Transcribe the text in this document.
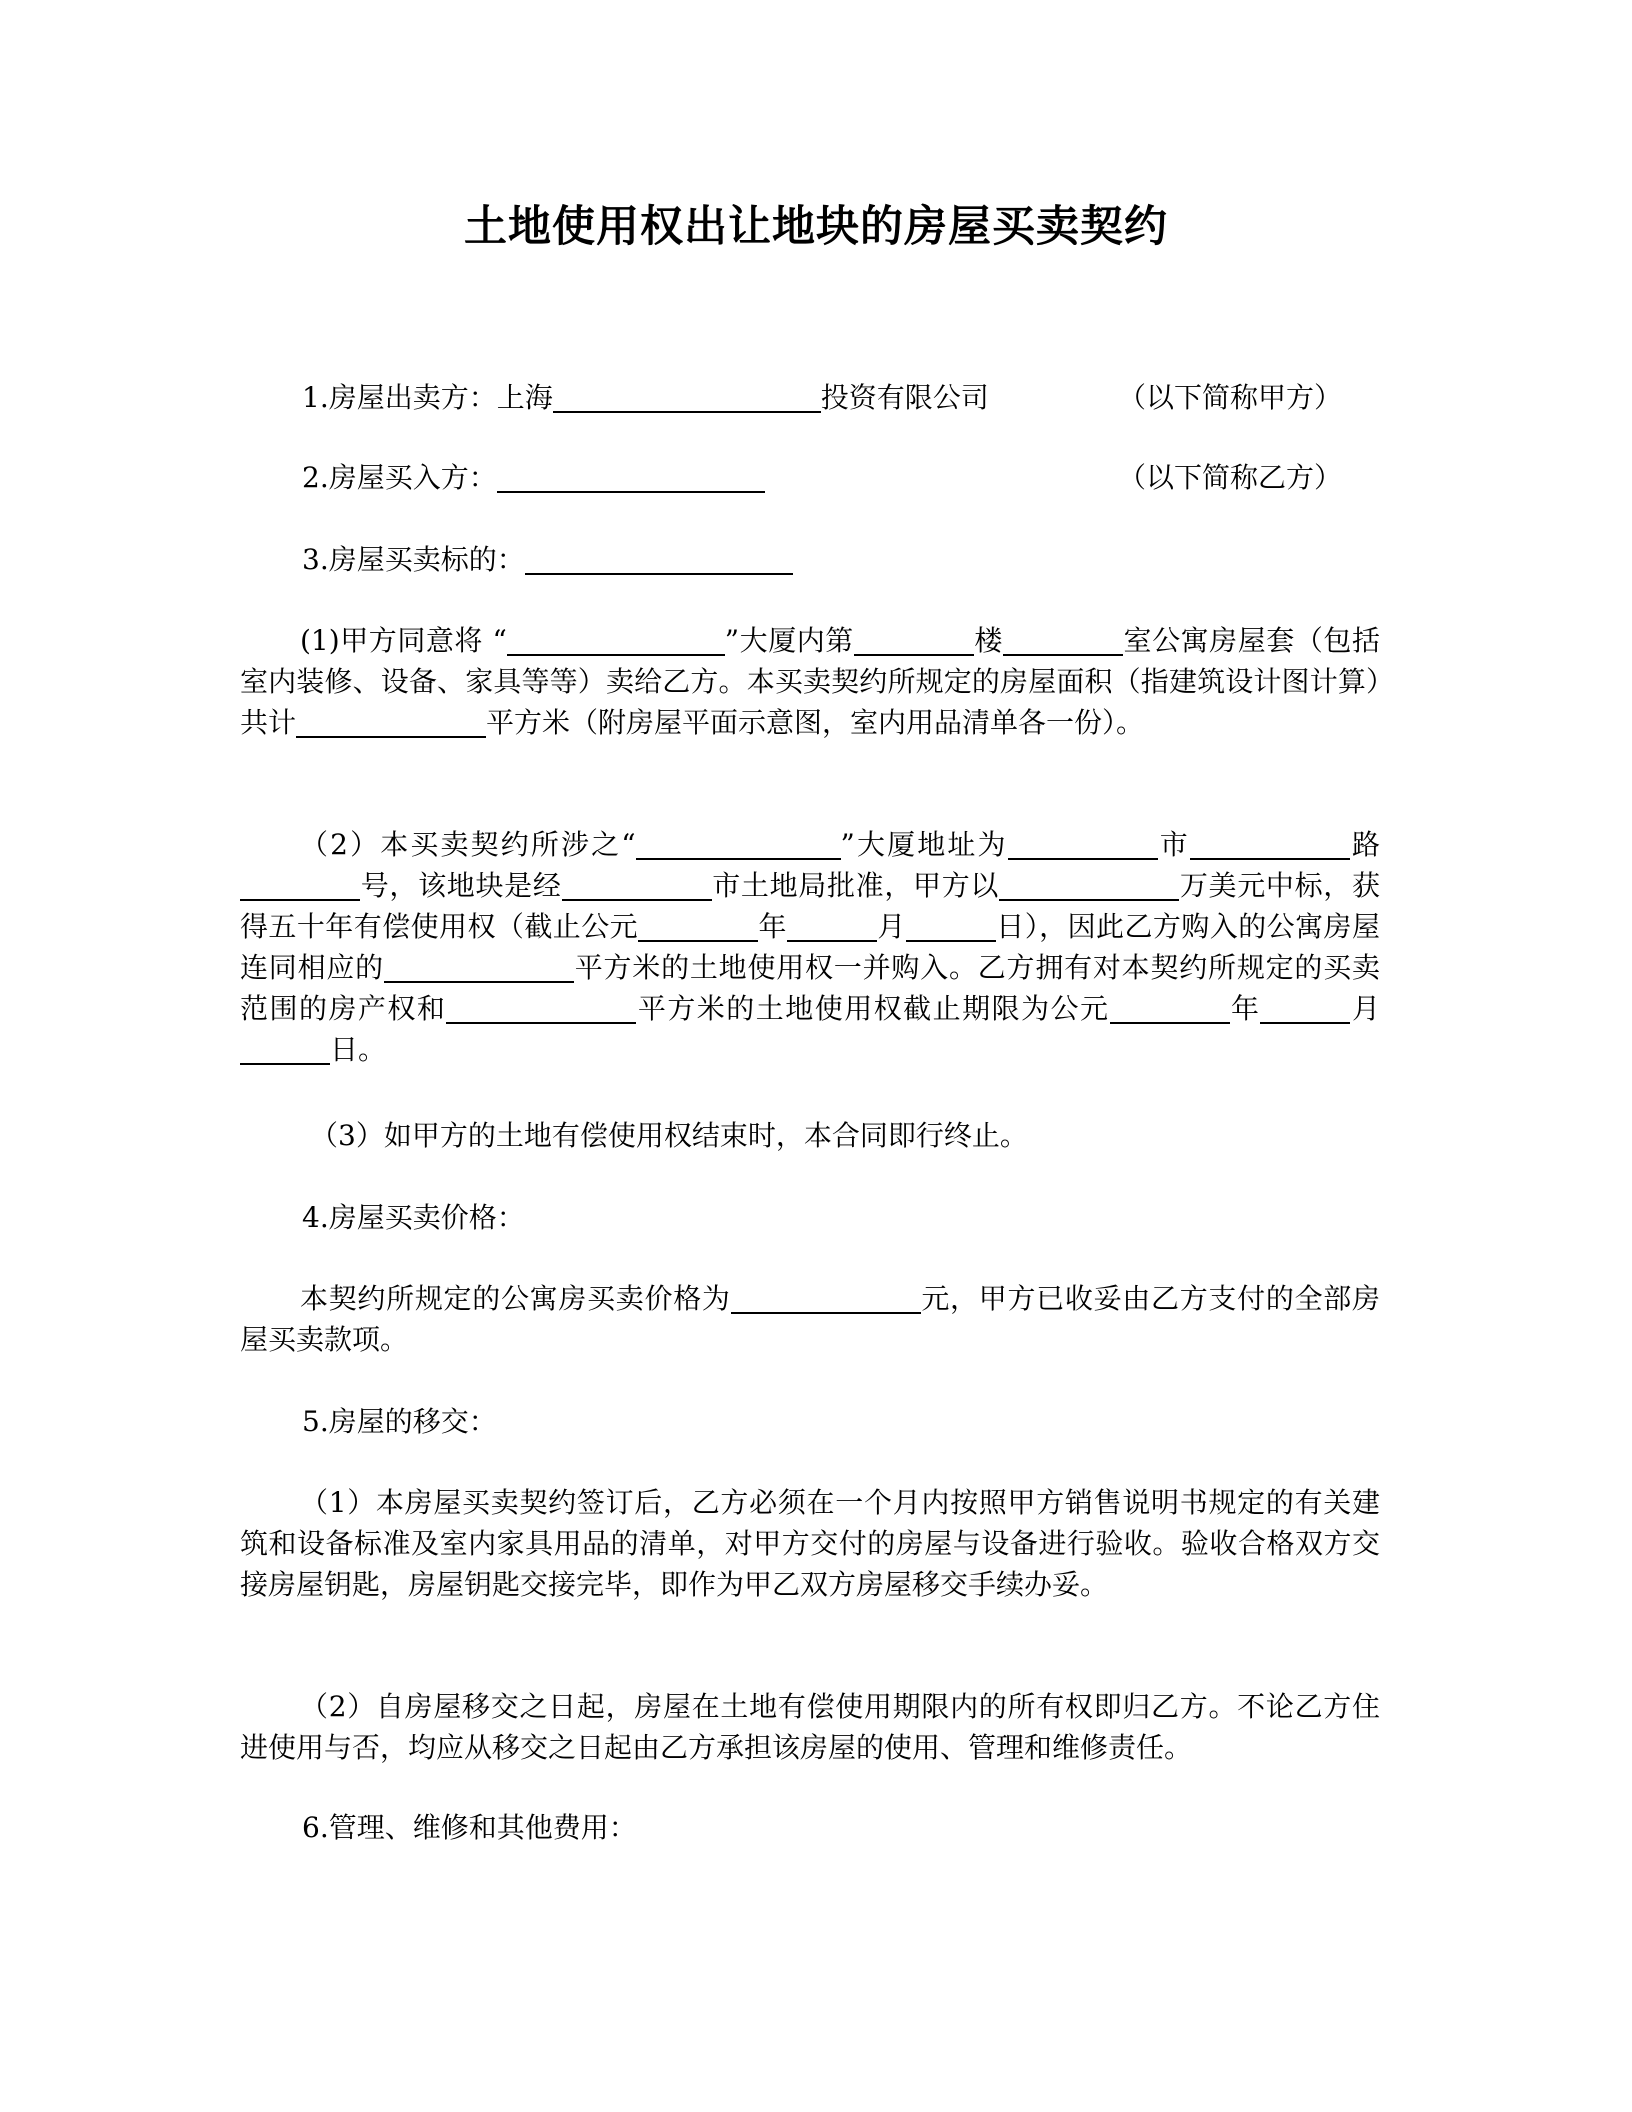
土地使用权出让地块的房屋买卖契约
1.房屋出卖方：上海	投资有限公司	（以下简称甲方）
2.房屋买入方：	（以下简称乙方）
3.房屋买卖标的：
(1)甲方同意将 “	”大厦内第	楼	室公寓房屋套（包括室内装修、设备、家具等等）卖给乙方。本买卖契约所规定的房屋面积（指建筑设计图计算）共计	平方米（附房屋平面示意图，室内用品清单各一份）。
（2）本买卖契约所涉之“	”大厦地址为	市	路号，该地块是经	市土地局批准，甲方以	万美元中标，获得五十年有偿使用权（截止公元	年	月	日），因此乙方购入的公寓房屋连同相应的	平方米的土地使用权一并购入。乙方拥有对本契约所规定的买卖范围的房产权和	平方米的土地使用权截止期限为公元	年	月日。
（3）如甲方的土地有偿使用权结束时，本合同即行终止。
4.房屋买卖价格：
本契约所规定的公寓房买卖价格为	元，甲方已收妥由乙方支付的全部房屋买卖款项。
5.房屋的移交：
（1）本房屋买卖契约签订后，乙方必须在一个月内按照甲方销售说明书规定的有关建筑和设备标准及室内家具用品的清单，对甲方交付的房屋与设备进行验收。验收合格双方交接房屋钥匙，房屋钥匙交接完毕，即作为甲乙双方房屋移交手续办妥。
（2）自房屋移交之日起，房屋在土地有偿使用期限内的所有权即归乙方。不论乙方住进使用与否，均应从移交之日起由乙方承担该房屋的使用、管理和维修责任。
6.管理、维修和其他费用：
